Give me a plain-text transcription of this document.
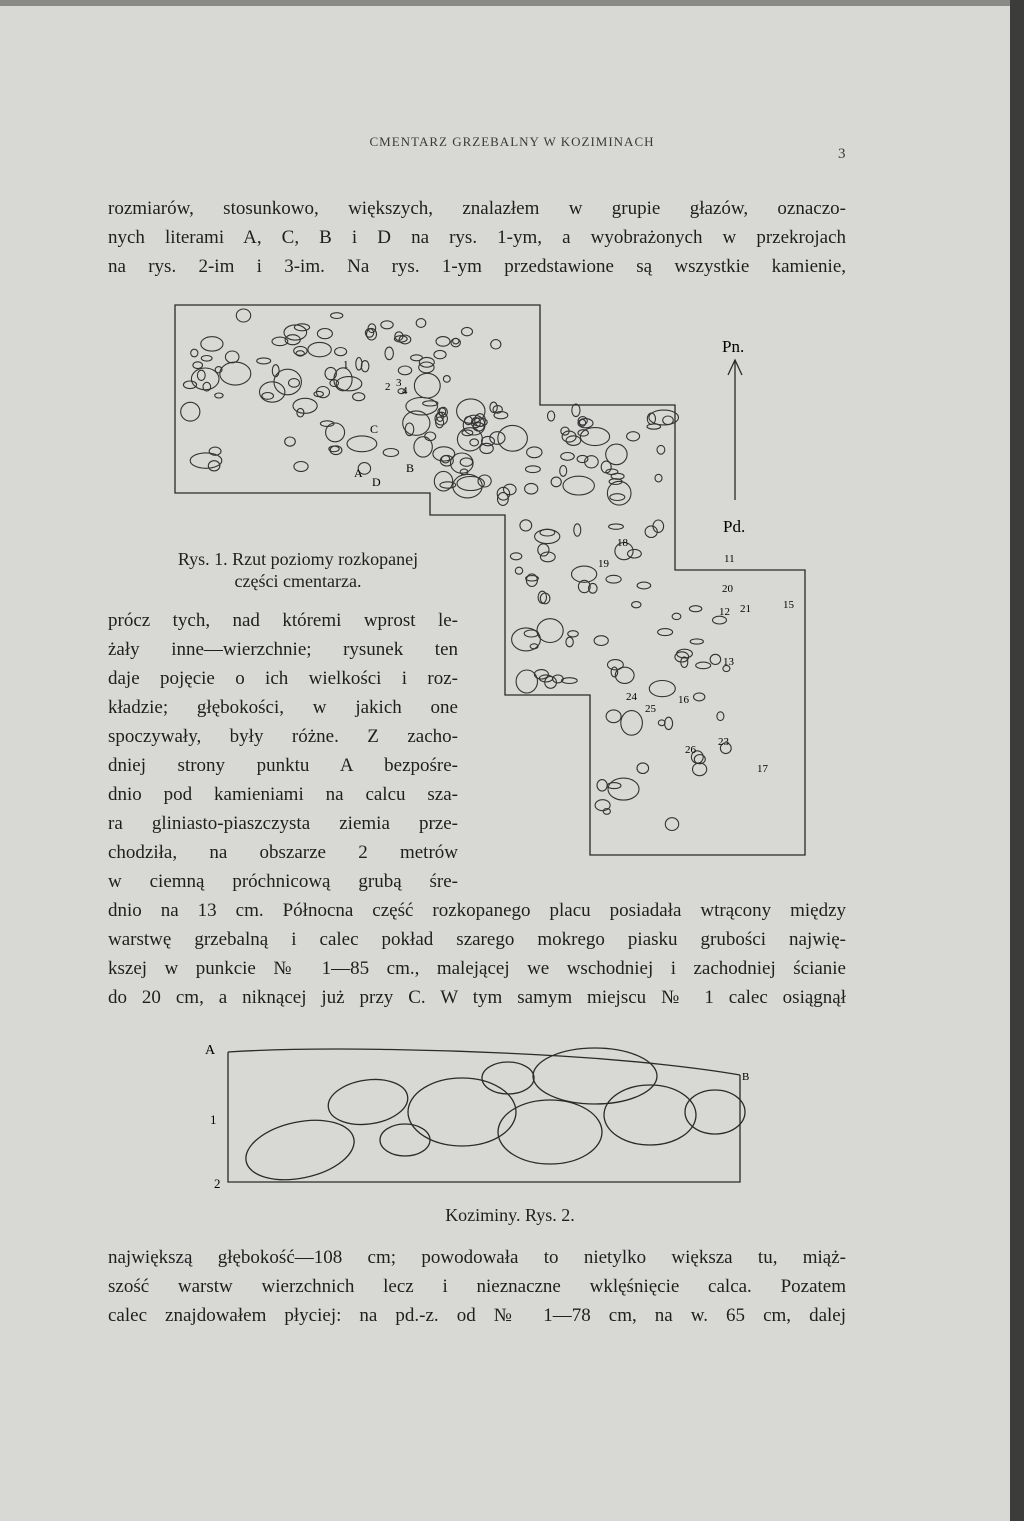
CMENTARZ GRZEBALNY W KOZIMINACH
3

rozmiarów, stosunkowo, większych, znalazłem w grupie głazów, oznaczo-

nych literami A, C, B i D na rys. 1-ym, a wyobrażonych w przekrojach

na rys. 2-im i 3-im. Na rys. 1-ym przedstawione są wszystkie kamienie,

Pn.
Pd.
A	B
C
D
1
2 3
4
11
12
13
15
16
17
18
19
20
21
23
24
25
26
Rys. 1. Rzut poziomy rozkopanej
części cmentarza.

prócz tych, nad któremi wprost le-

żały inne—wierzchnie; rysunek ten

daje pojęcie o ich wielkości i roz-

kładzie; głębokości, w jakich one

spoczywały, były różne. Z zacho-

dniej strony punktu A bezpośre-

dnio pod kamieniami na calcu sza-

ra gliniasto-piaszczysta ziemia prze-

chodziła, na obszarze 2 metrów

w ciemną próchnicową grubą śre-

dnio na 13 cm. Północna część rozkopanego placu posiadała wtrącony między

warstwę grzebalną i calec pokład szarego mokrego piasku grubości najwię-

kszej w punkcie № 1—85 cm., malejącej we wschodniej i zachodniej ścianie

do 20 cm, a niknącej już przy C. W tym samym miejscu № 1 calec osiągnął

A
B
1
2
Koziminy. Rys. 2.

największą głębokość—108 cm; powodowała to nietylko większa tu, miąż-

szość warstw wierzchnich lecz i nieznaczne wklęśnięcie calca. Pozatem

calec znajdowałem płyciej: na pd.-z. od № 1—78 cm, na w. 65 cm, dalej
